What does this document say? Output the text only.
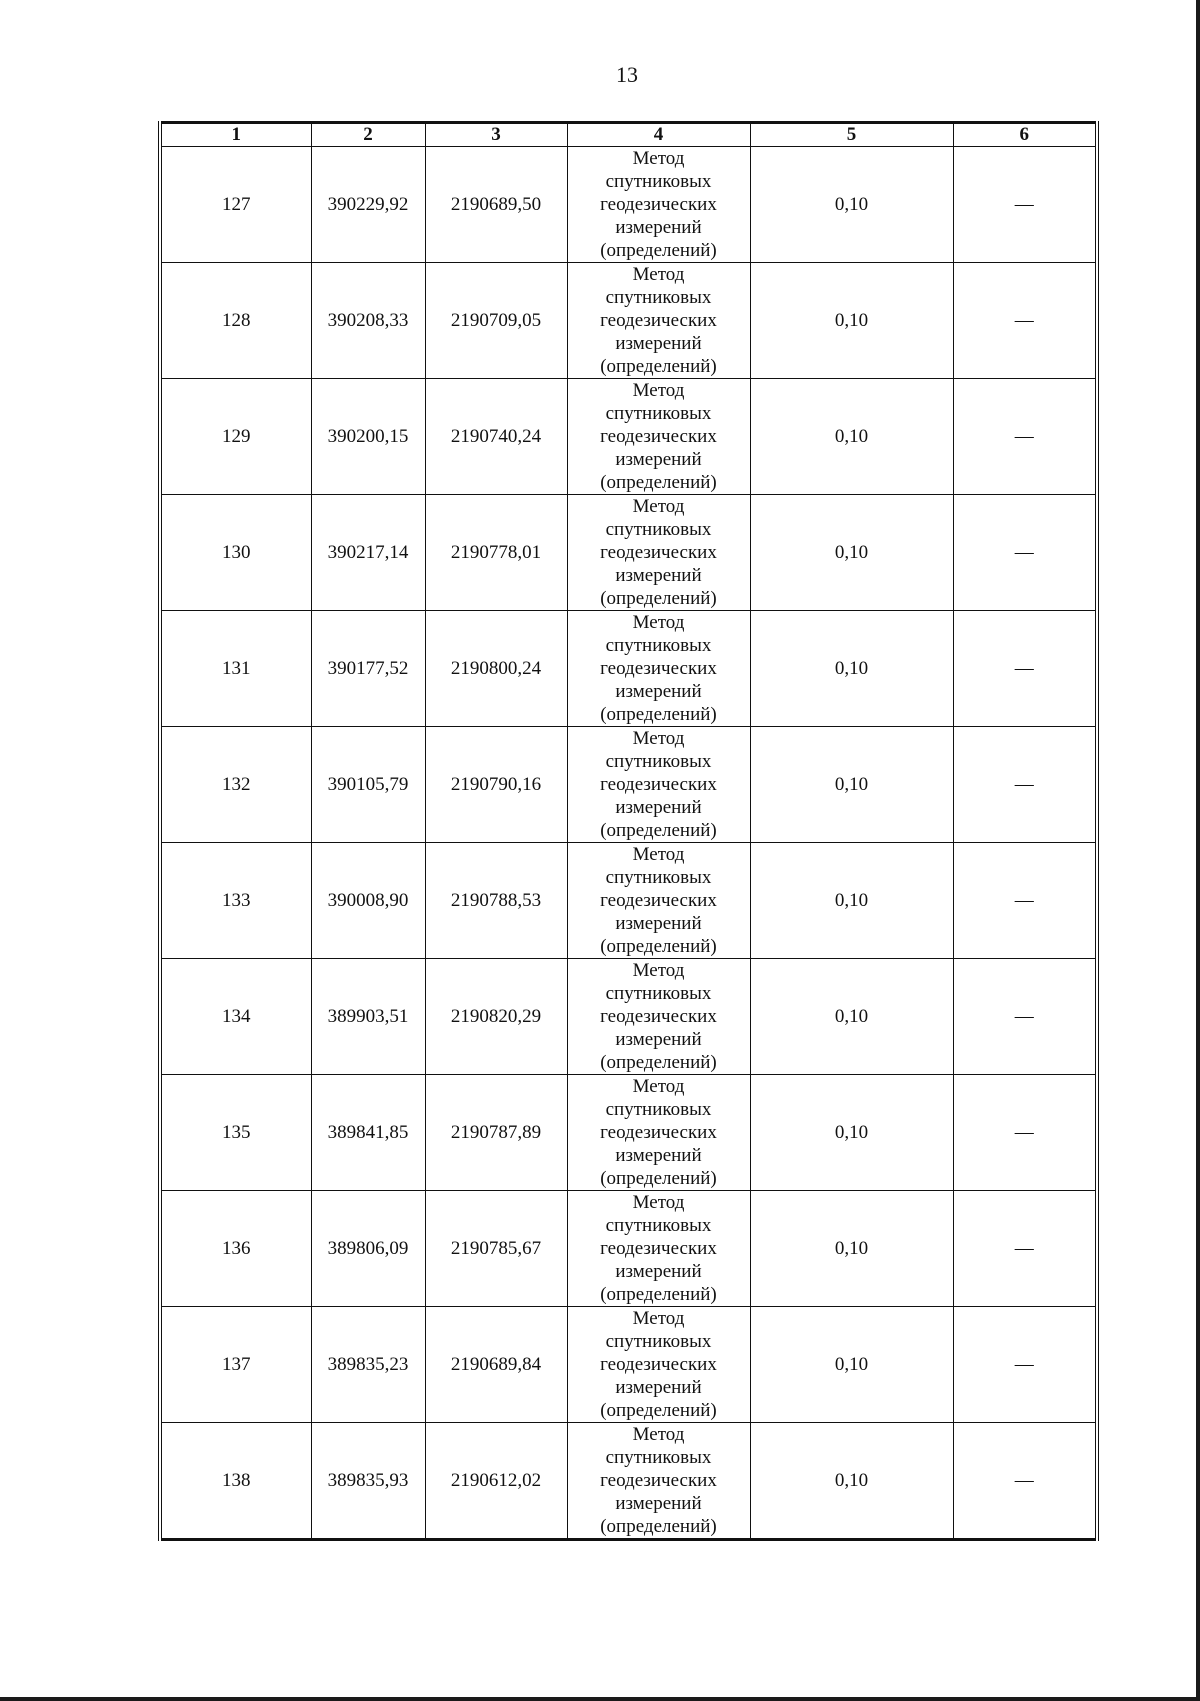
13
1	2	3	4	5	6
127	390229,92	2190689,50	Метод
спутниковых
геодезических
измерений
(определений)	0,10	—
128	390208,33	2190709,05	Метод
спутниковых
геодезических
измерений
(определений)	0,10	—
129	390200,15	2190740,24	Метод
спутниковых
геодезических
измерений
(определений)	0,10	—
130	390217,14	2190778,01	Метод
спутниковых
геодезических
измерений
(определений)	0,10	—
131	390177,52	2190800,24	Метод
спутниковых
геодезических
измерений
(определений)	0,10	—
132	390105,79	2190790,16	Метод
спутниковых
геодезических
измерений
(определений)	0,10	—
133	390008,90	2190788,53	Метод
спутниковых
геодезических
измерений
(определений)	0,10	—
134	389903,51	2190820,29	Метод
спутниковых
геодезических
измерений
(определений)	0,10	—
135	389841,85	2190787,89	Метод
спутниковых
геодезических
измерений
(определений)	0,10	—
136	389806,09	2190785,67	Метод
спутниковых
геодезических
измерений
(определений)	0,10	—
137	389835,23	2190689,84	Метод
спутниковых
геодезических
измерений
(определений)	0,10	—
138	389835,93	2190612,02	Метод
спутниковых
геодезических
измерений
(определений)	0,10	—
